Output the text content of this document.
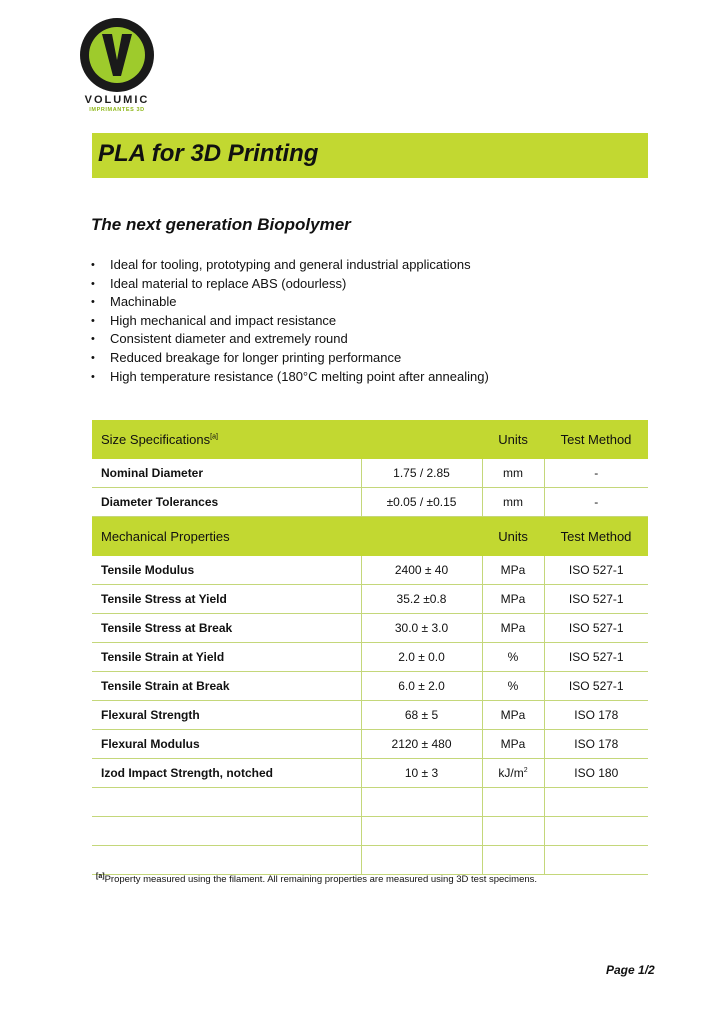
VOLUMIC
IMPRIMANTES 3D
PLA for 3D Printing
The next generation Biopolymer
• Ideal for tooling, prototyping and general industrial applications
• Ideal material to replace ABS (odourless)
• Machinable
• High mechanical and impact resistance
• Consistent diameter and extremely round
• Reduced breakage for longer printing performance
• High temperature resistance (180°C melting point after annealing)
Size Specifications[a]		Units	Test Method
Nominal Diameter	1.75 / 2.85	mm	-
Diameter Tolerances	±0.05 / ±0.15	mm	-
Mechanical Properties		Units	Test Method
Tensile Modulus	2400 ± 40	MPa	ISO 527-1
Tensile Stress at Yield	35.2 ±0.8	MPa	ISO 527-1
Tensile Stress at Break	30.0 ± 3.0	MPa	ISO 527-1
Tensile Strain at Yield	2.0 ± 0.0	%	ISO 527-1
Tensile Strain at Break	6.0 ± 2.0	%	ISO 527-1
Flexural Strength	68 ± 5	MPa	ISO 178
Flexural Modulus	2120 ± 480	MPa	ISO 178
Izod Impact Strength, notched	10 ± 3	$kJ/m^2$	ISO 180

[a]Property measured using the filament. All remaining properties are measured using 3D test specimens.
Page 1/2
